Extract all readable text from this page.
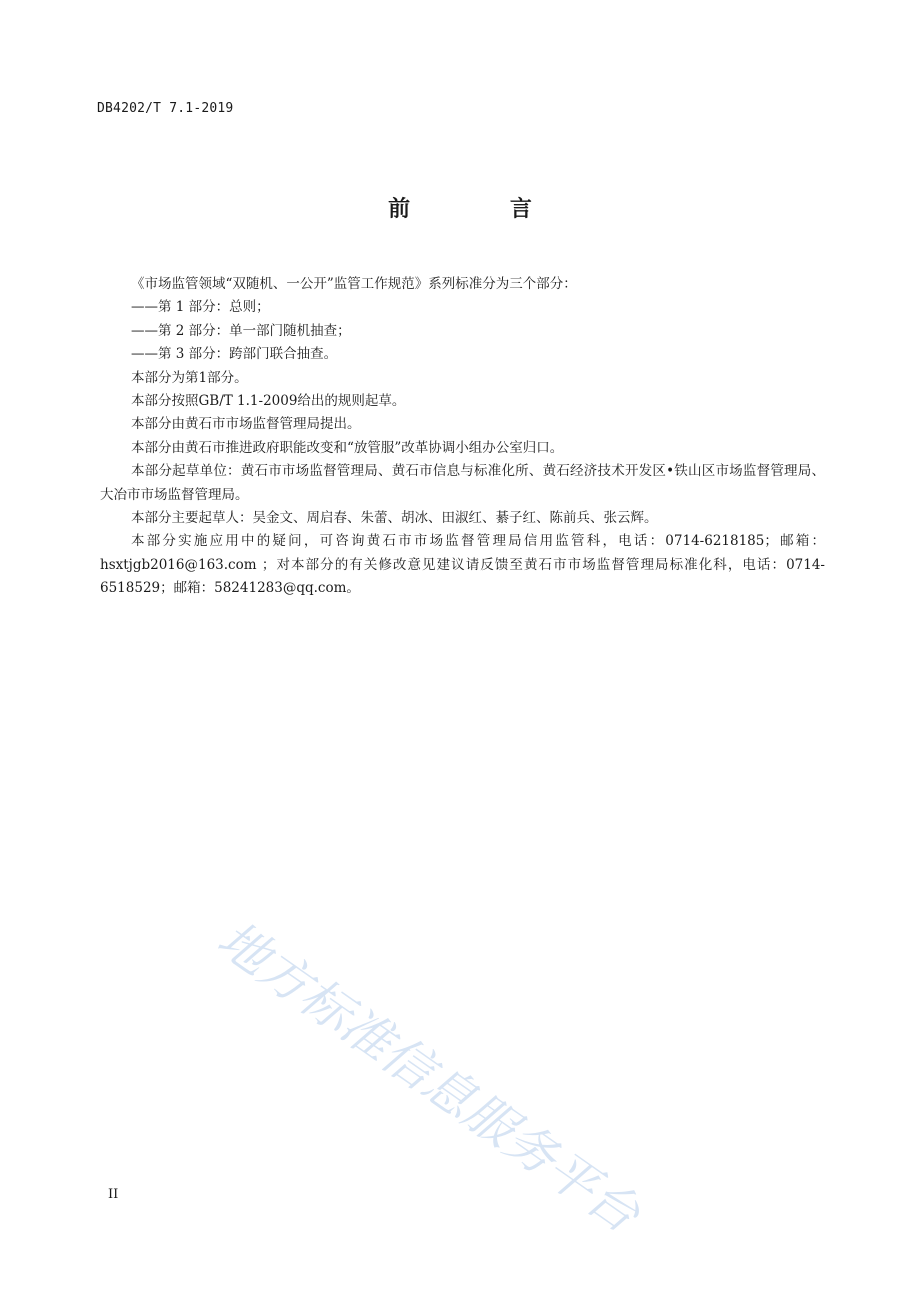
DB4202/T 7.1-2019
前 言

《市场监管领域“双随机、一公开”监管工作规范》系列标准分为三个部分：

——第 1 部分：总则；

——第 2 部分：单一部门随机抽查；

——第 3 部分：跨部门联合抽查。

本部分为第1部分。

本部分按照GB/T 1.1-2009给出的规则起草。

本部分由黄石市市场监督管理局提出。

本部分由黄石市推进政府职能改变和“放管服”改革协调小组办公室归口。

本部分起草单位：黄石市市场监督管理局、黄石市信息与标准化所、黄石经济技术开发区•铁山区市场监督管理局、大冶市市场监督管理局。

本部分主要起草人：吴金文、周启春、朱蕾、胡冰、田淑红、綦子红、陈前兵、张云辉。

本部分实施应用中的疑问，可咨询黄石市市场监督管理局信用监管科，电话：0714-6218185；邮箱：hsxtjgb2016@163.com ；对本部分的有关修改意见建议请反馈至黄石市市场监督管理局标准化科，电话：0714-6518529；邮箱：58241283@qq.com。

地方标准信息服务平台
II
